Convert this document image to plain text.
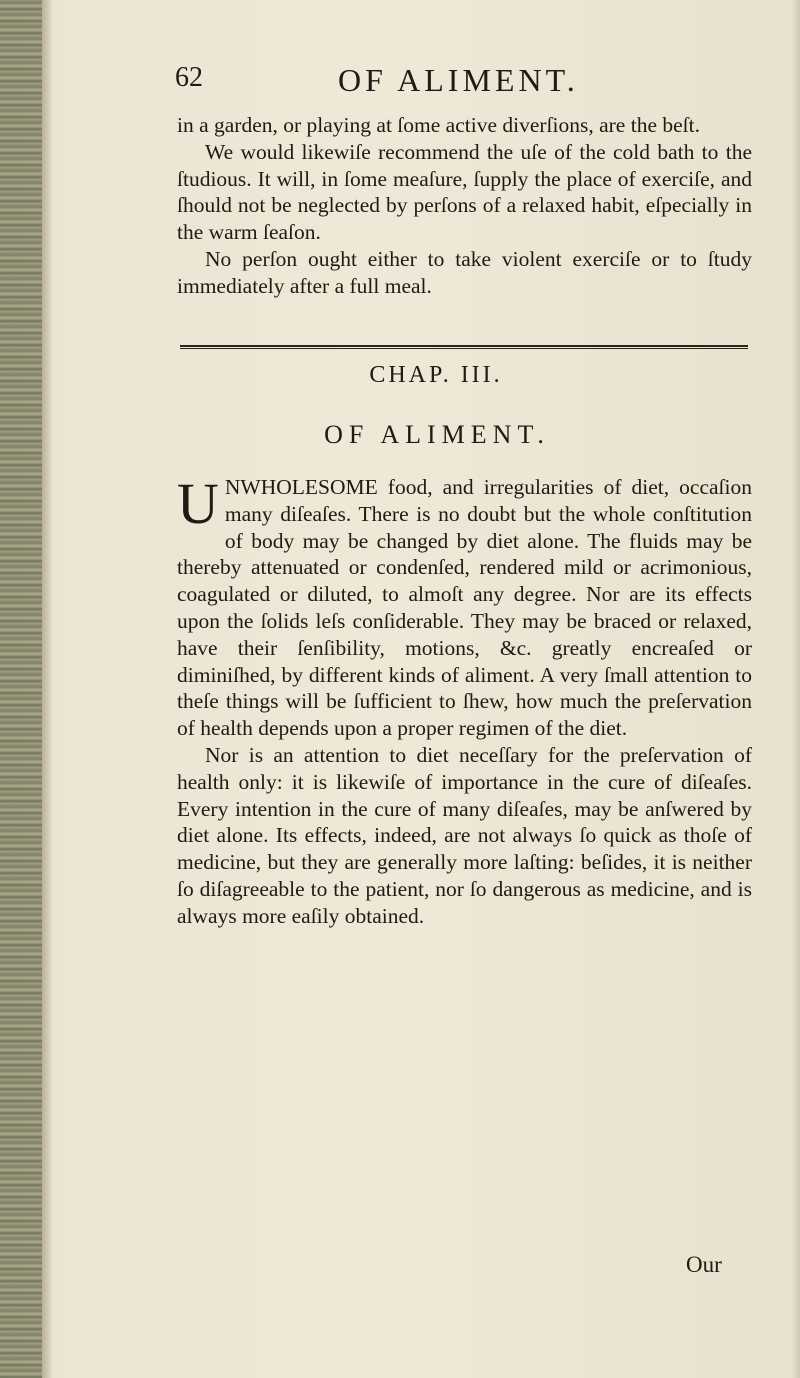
62	OF ALIMENT.

in a garden, or playing at ſome active diverſions, are the beſt.

We would likewiſe recommend the uſe of the cold bath to the ſtudious. It will, in ſome meaſure, ſupply the place of exerciſe, and ſhould not be neglected by perſons of a relaxed habit, eſpecially in the warm ſeaſon.

No perſon ought either to take violent exerciſe or to ſtudy immediately after a full meal.

CHAP. III.
OF ALIMENT.

UNWHOLESOME food, and irregularities of diet, occaſion many diſeaſes. There is no doubt but the whole conſtitution of body may be changed by diet alone. The fluids may be thereby attenuated or condenſed, rendered mild or acrimonious, coagulated or diluted, to almoſt any degree. Nor are its effects upon the ſolids leſs conſiderable. They may be braced or relaxed, have their ſenſibility, motions, &c. greatly encreaſed or diminiſhed, by different kinds of aliment. A very ſmall attention to theſe things will be ſufficient to ſhew, how much the preſervation of health depends upon a proper regimen of the diet.

Nor is an attention to diet neceſſary for the preſervation of health only: it is likewiſe of importance in the cure of diſeaſes. Every intention in the cure of many diſeaſes, may be anſwered by diet alone. Its effects, indeed, are not always ſo quick as thoſe of medicine, but they are generally more laſting: beſides, it is neither ſo diſagreeable to the patient, nor ſo dangerous as medicine, and is always more eaſily obtained.

Our
